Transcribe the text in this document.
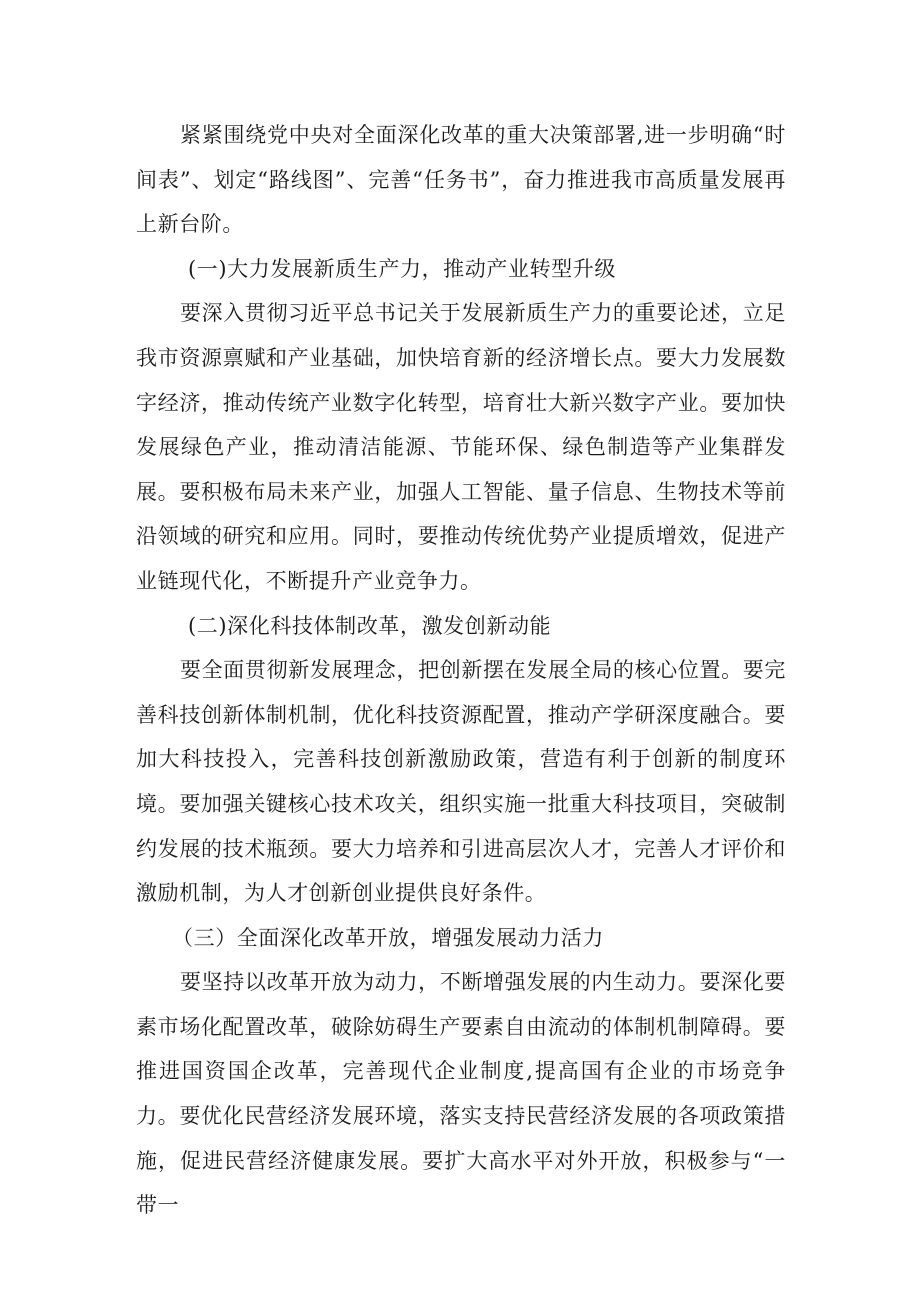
紧紧围绕党中央对全面深化改革的重大决策部署,进一步明确“时间表”、划定“路线图”、完善“任务书”，奋力推进我市高质量发展再上新台阶。

(一)大力发展新质生产力，推动产业转型升级

要深入贯彻习近平总书记关于发展新质生产力的重要论述，立足我市资源禀赋和产业基础，加快培育新的经济增长点。要大力发展数字经济，推动传统产业数字化转型，培育壮大新兴数字产业。要加快发展绿色产业，推动清洁能源、节能环保、绿色制造等产业集群发展。要积极布局未来产业，加强人工智能、量子信息、生物技术等前沿领域的研究和应用。同时，要推动传统优势产业提质增效，促进产业链现代化，不断提升产业竞争力。

(二)深化科技体制改革，激发创新动能

要全面贯彻新发展理念，把创新摆在发展全局的核心位置。要完善科技创新体制机制，优化科技资源配置，推动产学研深度融合。要加大科技投入，完善科技创新激励政策，营造有利于创新的制度环境。要加强关键核心技术攻关，组织实施一批重大科技项目，突破制约发展的技术瓶颈。要大力培养和引进高层次人才，完善人才评价和激励机制，为人才创新创业提供良好条件。

（三）全面深化改革开放，增强发展动力活力

要坚持以改革开放为动力，不断增强发展的内生动力。要深化要素市场化配置改革，破除妨碍生产要素自由流动的体制机制障碍。要推进国资国企改革，完善现代企业制度,提高国有企业的市场竞争力。要优化民营经济发展环境，落实支持民营经济发展的各项政策措施，促进民营经济健康发展。要扩大高水平对外开放，积极参与“一带一
